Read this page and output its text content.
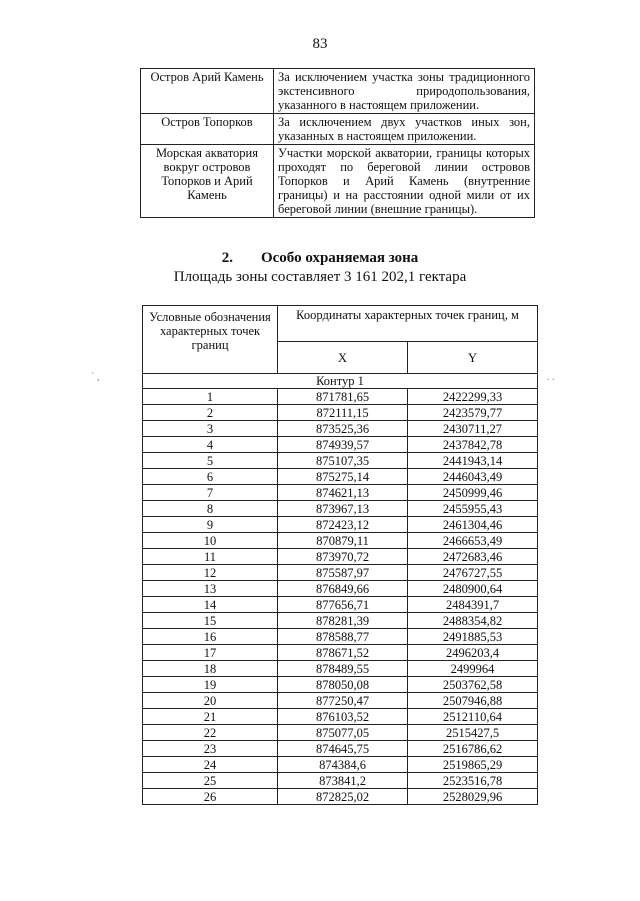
83
Остров Арий Камень	За исключением участка зоны традиционного экстенсивного природопользования, указанного в настоящем приложении.
Остров Топорков	За исключением двух участков иных зон, указанных в настоящем приложении.
Морская акватория вокруг островов Топорков и Арий Камень	Участки морской акватории, границы которых проходят по береговой линии островов Топорков и Арий Камень (внутренние границы) и на расстоянии одной мили от их береговой линии (внешние границы).
2. Особо охраняемая зона
Площадь зоны составляет 3 161 202,1 гектара
` ,	. .
Условные обозначения характерных точек границ	Координаты характерных точек границ, м	
	X	Y
Контур 1		
1	871781,65	2422299,33
2	872111,15	2423579,77
3	873525,36	2430711,27
4	874939,57	2437842,78
5	875107,35	2441943,14
6	875275,14	2446043,49
7	874621,13	2450999,46
8	873967,13	2455955,43
9	872423,12	2461304,46
10	870879,11	2466653,49
11	873970,72	2472683,46
12	875587,97	2476727,55
13	876849,66	2480900,64
14	877656,71	2484391,7
15	878281,39	2488354,82
16	878588,77	2491885,53
17	878671,52	2496203,4
18	878489,55	2499964
19	878050,08	2503762,58
20	877250,47	2507946,88
21	876103,52	2512110,64
22	875077,05	2515427,5
23	874645,75	2516786,62
24	874384,6	2519865,29
25	873841,2	2523516,78
26	872825,02	2528029,96
